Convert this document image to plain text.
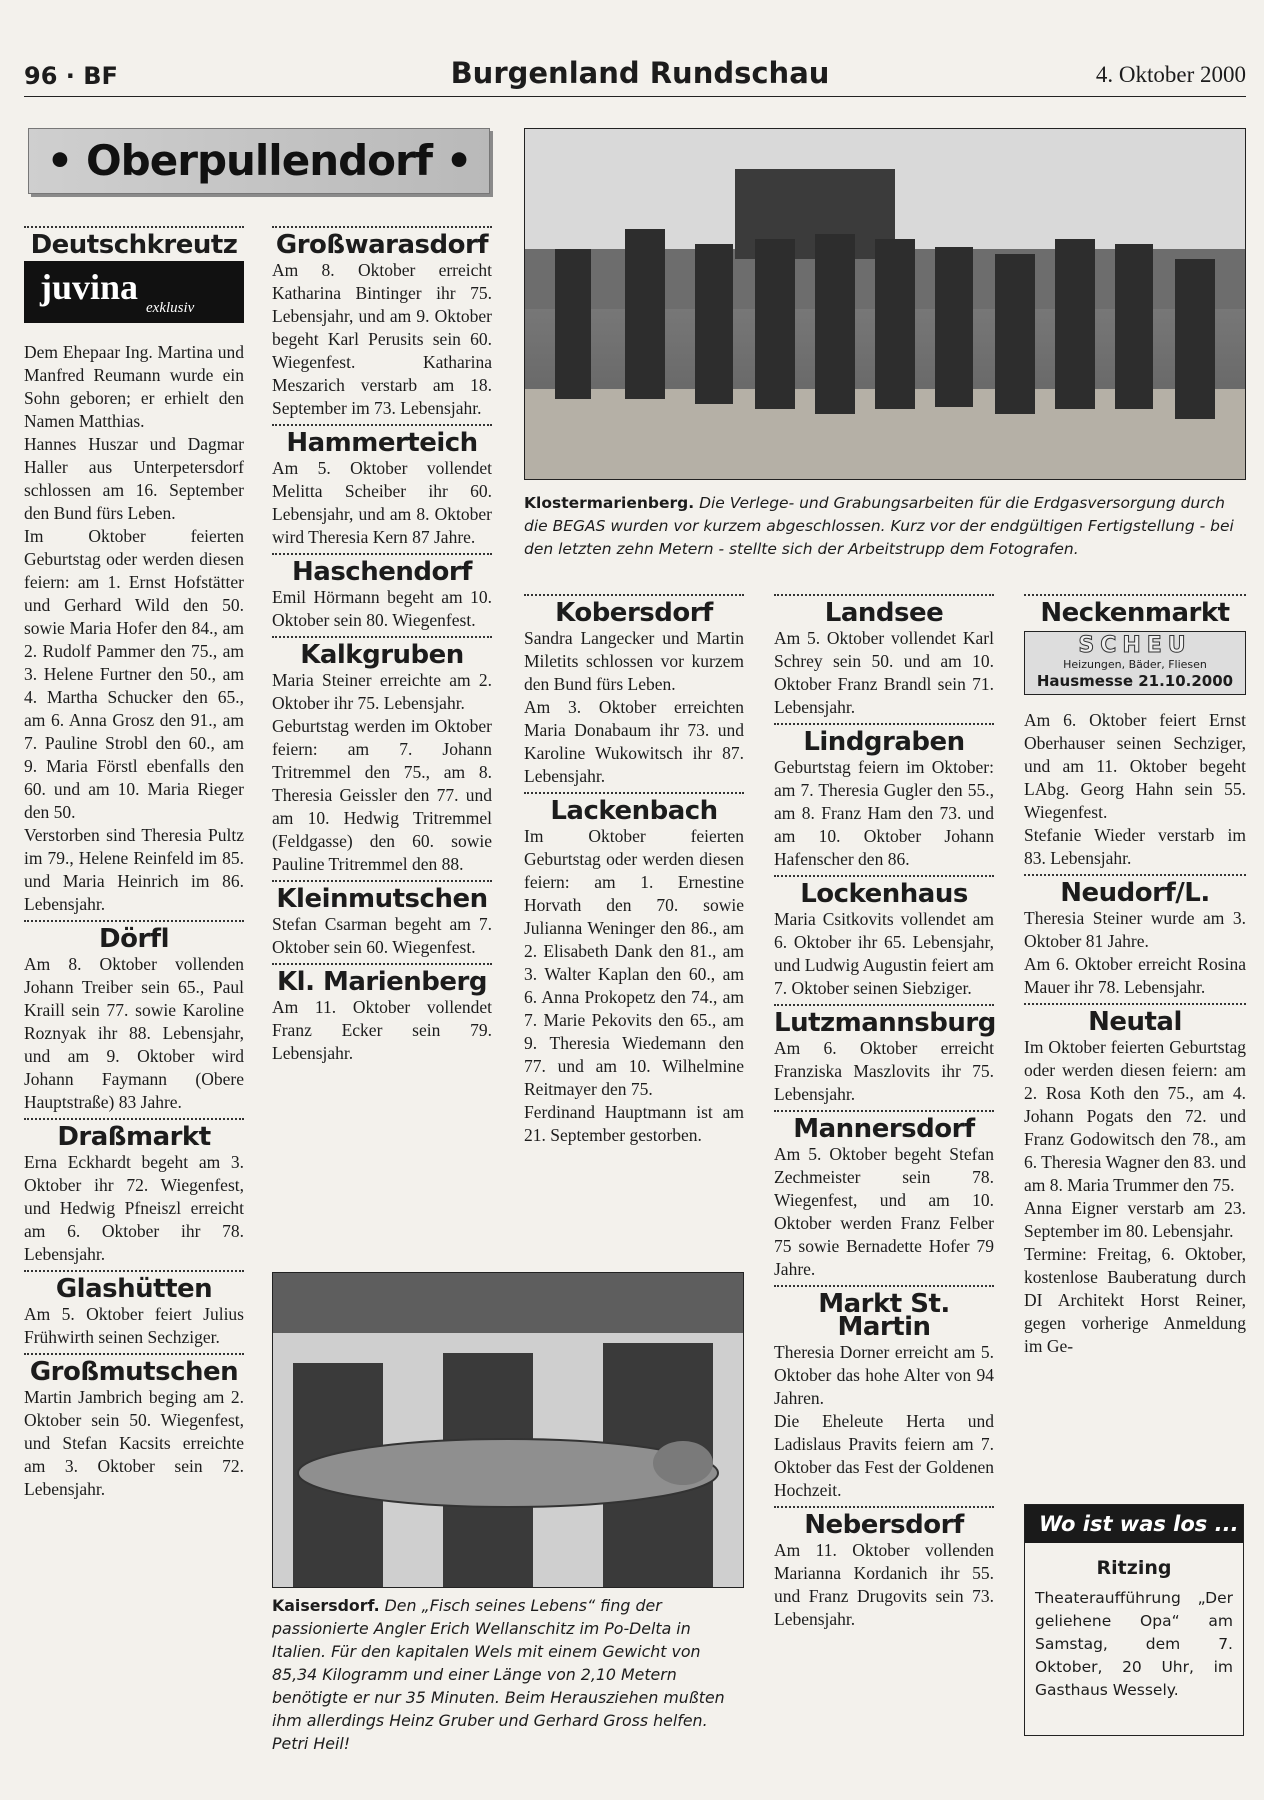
96 · BF	Burgenland Rundschau	4. Oktober 2000
• Oberpullendorf •
Deutschkreutz
juvina
exklusiv

Dem Ehepaar Ing. Martina und Manfred Reumann wurde ein Sohn geboren; er erhielt den Namen Matthias.

Hannes Huszar und Dagmar Haller aus Unterpetersdorf schlossen am 16. September den Bund fürs Leben.

Im Oktober feierten Geburtstag oder werden diesen feiern: am 1. Ernst Hofstätter und Gerhard Wild den 50. sowie Maria Hofer den 84., am 2. Rudolf Pammer den 75., am 3. Helene Furtner den 50., am 4. Martha Schucker den 65., am 6. Anna Grosz den 91., am 7. Pauline Strobl den 60., am 9. Maria Förstl ebenfalls den 60. und am 10. Maria Rieger den 50.

Verstorben sind Theresia Pultz im 79., Helene Reinfeld im 85. und Maria Heinrich im 86. Lebensjahr.

Dörfl

Am 8. Oktober vollenden Johann Treiber sein 65., Paul Kraill sein 77. sowie Karoline Roznyak ihr 88. Lebensjahr, und am 9. Oktober wird Johann Faymann (Obere Hauptstraße) 83 Jahre.

Draßmarkt

Erna Eckhardt begeht am 3. Oktober ihr 72. Wiegenfest, und Hedwig Pfneiszl erreicht am 6. Oktober ihr 78. Lebensjahr.

Glashütten

Am 5. Oktober feiert Julius Frühwirth seinen Sechziger.

Großmutschen

Martin Jambrich beging am 2. Oktober sein 50. Wiegenfest, und Stefan Kacsits erreichte am 3. Oktober sein 72. Lebensjahr.

Großwarasdorf

Am 8. Oktober erreicht Katharina Bintinger ihr 75. Lebensjahr, und am 9. Oktober begeht Karl Perusits sein 60. Wiegenfest. Katharina Meszarich verstarb am 18. September im 73. Lebensjahr.

Hammerteich

Am 5. Oktober vollendet Melitta Scheiber ihr 60. Lebensjahr, und am 8. Oktober wird Theresia Kern 87 Jahre.

Haschendorf

Emil Hörmann begeht am 10. Oktober sein 80. Wiegenfest.

Kalkgruben

Maria Steiner erreichte am 2. Oktober ihr 75. Lebensjahr.

Geburtstag werden im Oktober feiern: am 7. Johann Tritremmel den 75., am 8. Theresia Geissler den 77. und am 10. Hedwig Tritremmel (Feldgasse) den 60. sowie Pauline Tritremmel den 88.

Kleinmutschen

Stefan Csarman begeht am 7. Oktober sein 60. Wiegenfest.

Kl. Marienberg

Am 11. Oktober vollendet Franz Ecker sein 79. Lebensjahr.

Klostermarienberg. Die Verlege- und Grabungsarbeiten für die Erdgasversorgung durch die BEGAS wurden vor kurzem abgeschlossen. Kurz vor der endgültigen Fertigstellung - bei den letzten zehn Metern - stellte sich der Arbeitstrupp dem Fotografen.
Kobersdorf

Sandra Langecker und Martin Miletits schlossen vor kurzem den Bund fürs Leben.

Am 3. Oktober erreichten Maria Donabaum ihr 73. und Karoline Wukowitsch ihr 87. Lebensjahr.

Lackenbach

Im Oktober feierten Geburtstag oder werden diesen feiern: am 1. Ernestine Horvath den 70. sowie Julianna Weninger den 86., am 2. Elisabeth Dank den 81., am 3. Walter Kaplan den 60., am 6. Anna Prokopetz den 74., am 7. Marie Pekovits den 65., am 9. Theresia Wiedemann den 77. und am 10. Wilhelmine Reitmayer den 75.

Ferdinand Hauptmann ist am 21. September gestorben.

Landsee

Am 5. Oktober vollendet Karl Schrey sein 50. und am 10. Oktober Franz Brandl sein 71. Lebensjahr.

Lindgraben

Geburtstag feiern im Oktober: am 7. Theresia Gugler den 55., am 8. Franz Ham den 73. und am 10. Oktober Johann Hafenscher den 86.

Lockenhaus

Maria Csitkovits vollendet am 6. Oktober ihr 65. Lebensjahr, und Ludwig Augustin feiert am 7. Oktober seinen Siebziger.

Lutzmannsburg

Am 6. Oktober erreicht Franziska Maszlovits ihr 75. Lebensjahr.

Mannersdorf

Am 5. Oktober begeht Stefan Zechmeister sein 78. Wiegenfest, und am 10. Oktober werden Franz Felber 75 sowie Bernadette Hofer 79 Jahre.

Markt St. Martin

Theresia Dorner erreicht am 5. Oktober das hohe Alter von 94 Jahren.

Die Eheleute Herta und Ladislaus Pravits feiern am 7. Oktober das Fest der Goldenen Hochzeit.

Nebersdorf

Am 11. Oktober vollenden Marianna Kordanich ihr 55. und Franz Drugovits sein 73. Lebensjahr.

Neckenmarkt
SCHEU
Heizungen, Bäder, Fliesen
Hausmesse 21.10.2000

Am 6. Oktober feiert Ernst Oberhauser seinen Sechziger, und am 11. Oktober begeht LAbg. Georg Hahn sein 55. Wiegenfest.

Stefanie Wieder verstarb im 83. Lebensjahr.

Neudorf/L.

Theresia Steiner wurde am 3. Oktober 81 Jahre.

Am 6. Oktober erreicht Rosina Mauer ihr 78. Lebensjahr.

Neutal

Im Oktober feierten Geburtstag oder werden diesen feiern: am 2. Rosa Koth den 75., am 4. Johann Pogats den 72. und Franz Godowitsch den 78., am 6. Theresia Wagner den 83. und am 8. Maria Trummer den 75.

Anna Eigner verstarb am 23. September im 80. Lebensjahr.

Termine: Freitag, 6. Oktober, kostenlose Bauberatung durch DI Architekt Horst Reiner, gegen vorherige Anmeldung im Ge-

Wo ist was los ...
Ritzing
Theateraufführung „Der geliehene Opa“ am Samstag, dem 7. Oktober, 20 Uhr, im Gasthaus Wessely.
Kaisersdorf. Den „Fisch seines Lebens“ fing der passionierte Angler Erich Wellanschitz im Po-Delta in Italien. Für den kapitalen Wels mit einem Gewicht von 85,34 Kilogramm und einer Länge von 2,10 Metern benötigte er nur 35 Minuten. Beim Herausziehen mußten ihm allerdings Heinz Gruber und Gerhard Gross helfen. Petri Heil!
